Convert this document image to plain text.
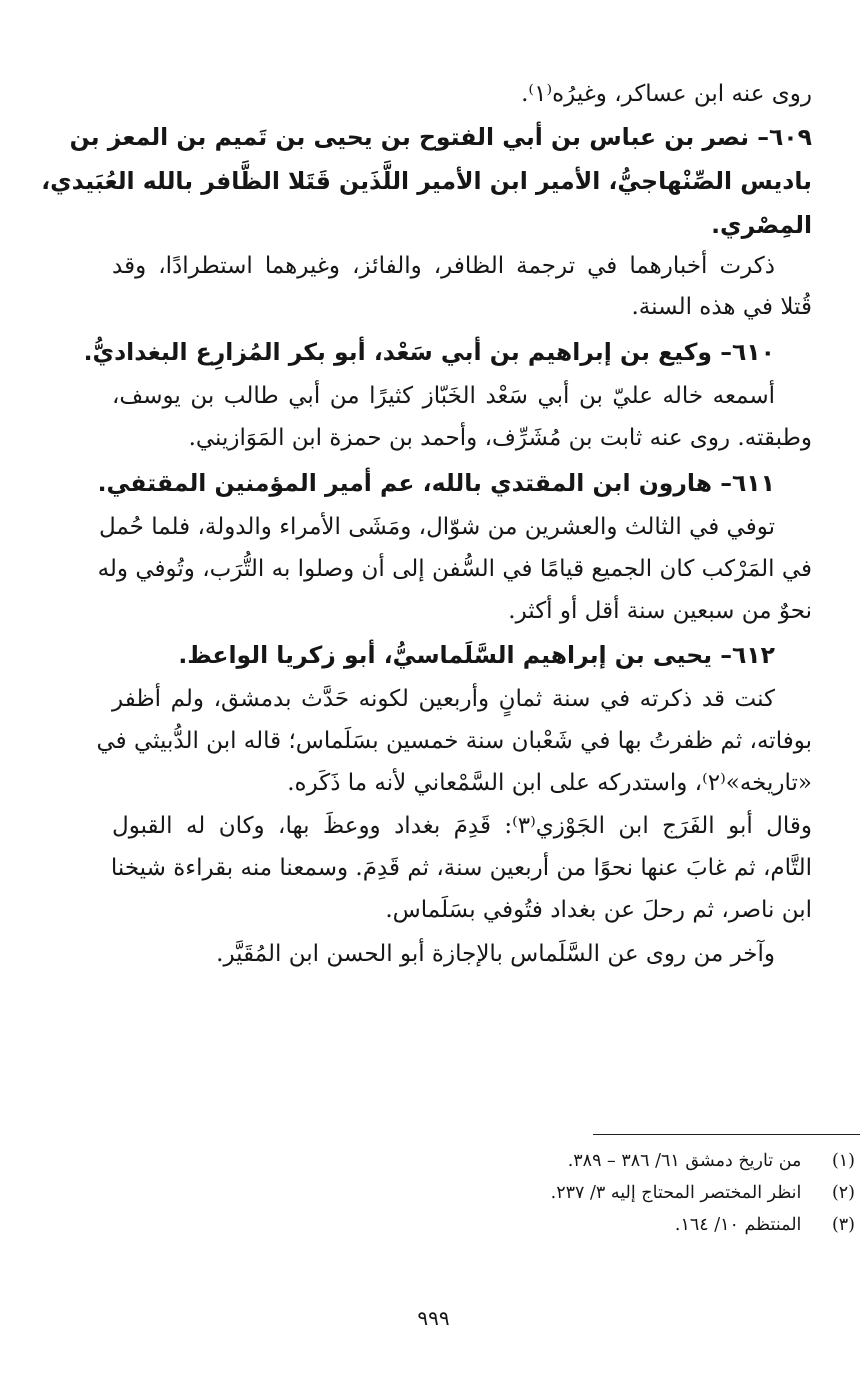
روى عنه ابن عساكر، وغيرُه⁽١⁾.
٦٠٩– نصر بن عباس بن أبي الفتوح بن يحيى بن تَميم بن المعز بن
باديس الصِّنْهاجيُّ، الأمير ابن الأمير اللَّذَين قَتَلا الظَّافر بالله العُبَيدي،
المِصْري.
ذكرت أخبارهما في ترجمة الظافر، والفائز، وغيرهما استطرادًا، وقد
قُتلا في هذه السنة.
٦١٠– وكيع بن إبراهيم بن أبي سَعْد، أبو بكر المُزارِع البغداديُّ.
أسمعه خاله عليّ بن أبي سَعْد الخَبّاز كثيرًا من أبي طالب بن يوسف،
وطبقته. روى عنه ثابت بن مُشَرِّف، وأحمد بن حمزة ابن المَوَازيني.
٦١١– هارون ابن المقتدي بالله، عم أمير المؤمنين المقتفي.
توفي في الثالث والعشرين من شوّال، ومَشَى الأمراء والدولة، فلما حُمل
في المَرْكب كان الجميع قيامًا في السُّفن إلى أن وصلوا به التُّرَب، وتُوفي وله
نحوٌ من سبعين سنة أقل أو أكثر.
٦١٢– يحيى بن إبراهيم السَّلَماسيُّ، أبو زكريا الواعظ.
كنت قد ذكرته في سنة ثمانٍ وأربعين لكونه حَدَّث بدمشق، ولم أظفر
بوفاته، ثم ظفرتُ بها في شَعْبان سنة خمسين بسَلَماس؛ قاله ابن الدُّبيثي في
«تاريخه»⁽٢⁾، واستدركه على ابن السَّمْعاني لأنه ما ذَكَره.
وقال أبو الفَرَج ابن الجَوْزي⁽٣⁾: قَدِمَ بغداد ووعظَ بها، وكان له القبول
التَّام، ثم غابَ عنها نحوًا من أربعين سنة، ثم قَدِمَ. وسمعنا منه بقراءة شيخنا
ابن ناصر، ثم رحلَ عن بغداد فتُوفي بسَلَماس.
وآخر من روى عن السَّلَماس بالإجازة أبو الحسن ابن المُقَيَّر.
(١) من تاريخ دمشق ٦١/ ٣٨٦ – ٣٨٩.
(٢) انظر المختصر المحتاج إليه ٣/ ٢٣٧.
(٣) المنتظم ١٠/ ١٦٤.
٩٩٩
